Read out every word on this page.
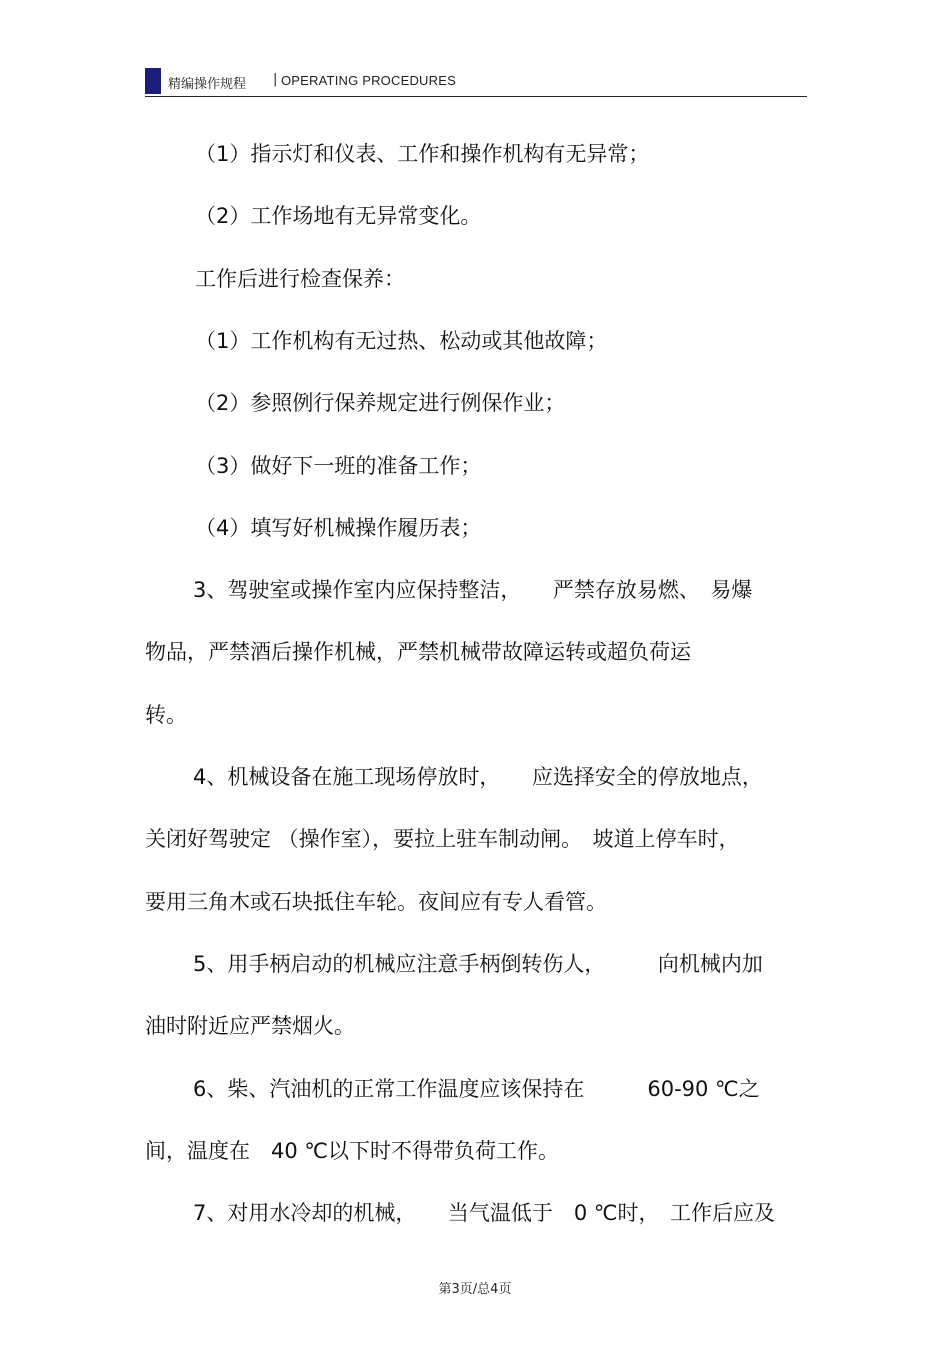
精编操作规程 | OPERATING PROCEDURES
（1）指示灯和仪表、工作和操作机构有无异常；
（2）工作场地有无异常变化。
工作后进行检查保养：
（1）工作机构有无过热、松动或其他故障；
（2）参照例行保养规定进行例保作业；
（3）做好下一班的准备工作；
（4）填写好机械操作履历表；
3、驾驶室或操作室内应保持整洁，　　严禁存放易燃、　易爆
物品，严禁酒后操作机械，严禁机械带故障运转或超负荷运
转。
4、机械设备在施工现场停放时，　　应选择安全的停放地点，
关闭好驾驶定 （操作室），要拉上驻车制动闸。　坡道上停车时，
要用三角木或石块抵住车轮。夜间应有专人看管。
5、用手柄启动的机械应注意手柄倒转伤人，　　　向机械内加
油时附近应严禁烟火。
6、柴、汽油机的正常工作温度应该保持在　　　60-90 ℃之
间，温度在　40 ℃以下时不得带负荷工作。
7、对用水冷却的机械，　　当气温低于　0 ℃时，　工作后应及
第3页/总4页
